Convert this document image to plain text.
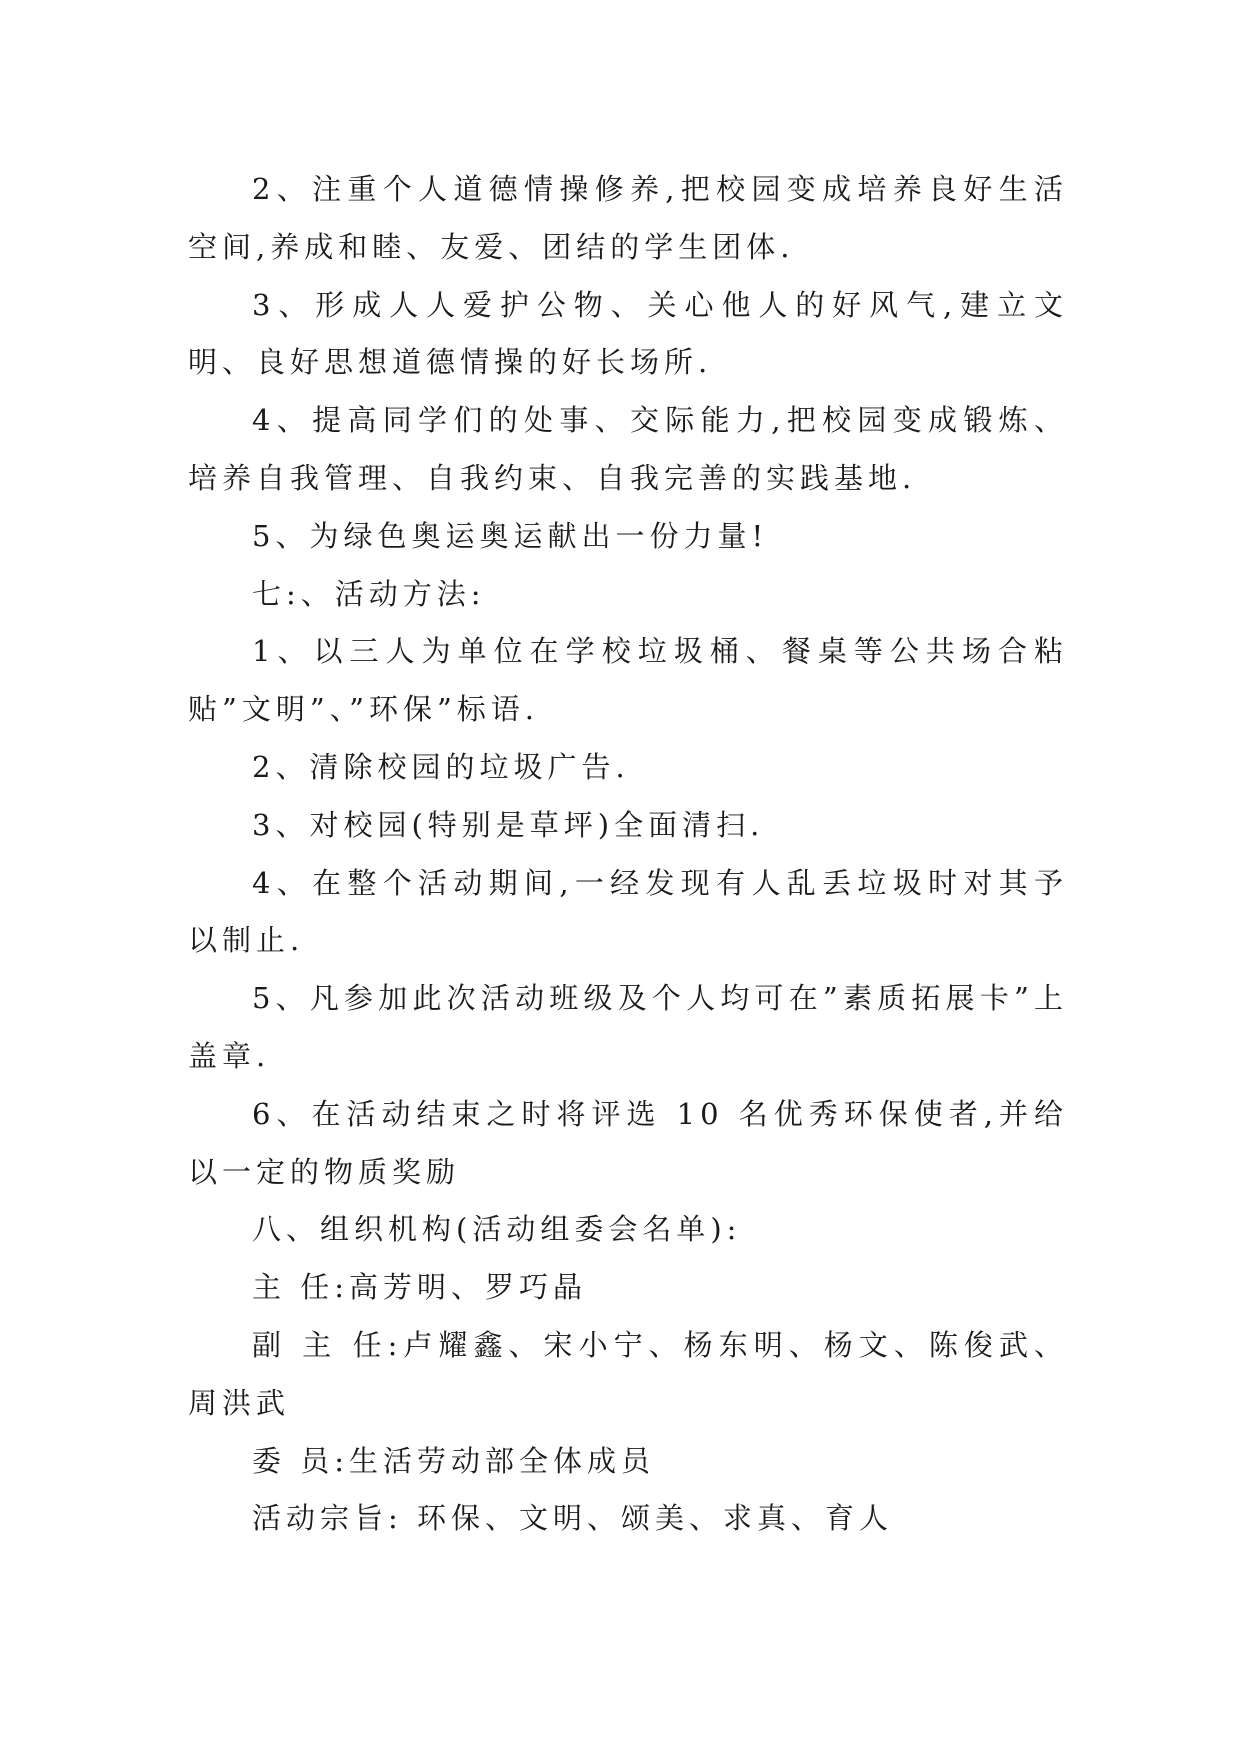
2、注重个人道德情操修养,把校园变成培养良好生活空间,养成和睦、友爱、团结的学生团体.

3、形成人人爱护公物、关心他人的好风气,建立文明、良好思想道德情操的好长场所.

4、提高同学们的处事、交际能力,把校园变成锻炼、培养自我管理、自我约束、自我完善的实践基地.

5、为绿色奥运奥运献出一份力量!

七:、活动方法:

1、以三人为单位在学校垃圾桶、餐桌等公共场合粘贴”文明”、”环保”标语.

2、清除校园的垃圾广告.

3、对校园(特别是草坪)全面清扫.

4、在整个活动期间,一经发现有人乱丢垃圾时对其予以制止.

5、凡参加此次活动班级及个人均可在”素质拓展卡”上盖章.

6、在活动结束之时将评选 10 名优秀环保使者,并给以一定的物质奖励

八、组织机构(活动组委会名单):

主 任:高芳明、罗巧晶

副 主 任:卢耀鑫、宋小宁、杨东明、杨文、陈俊武、周洪武

委 员:生活劳动部全体成员

活动宗旨: 环保、文明、颂美、求真、育人
